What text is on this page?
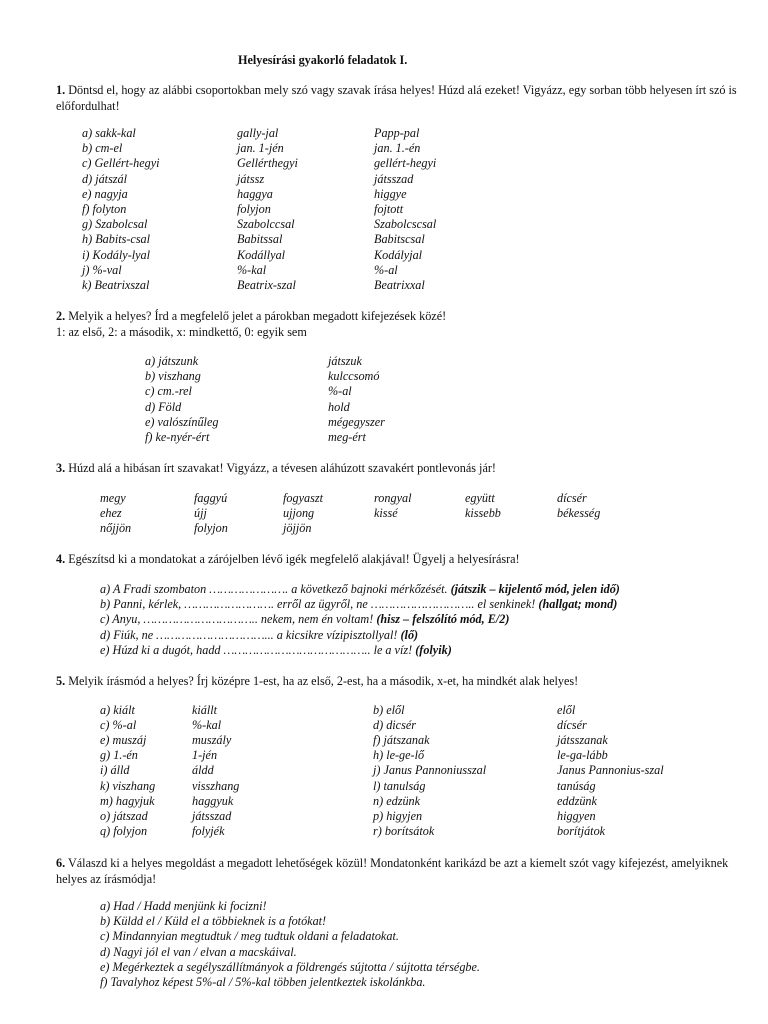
Helyesírási gyakorló feladatok I.
1. Döntsd el, hogy az alábbi csoportokban mely szó vagy szavak írása helyes! Húzd alá ezeket! Vigyázz, egy sorban több helyesen írt szó is előfordulhat!
a) sakk-kal	gally-jal	Papp-pal
b) cm-el	jan. 1-jén	jan. 1.-én
c) Gellért-hegyi	Gellérthegyi	gellért-hegyi
d) játszál	játssz	játsszad
e) nagyja	haggya	higgye
f) folyton	folyjon	fojtott
g) Szabolcsal	Szabolccsal	Szabolcscsal
h) Babits-csal	Babitssal	Babitscsal
i) Kodály-lyal	Kodállyal	Kodályjal
j) %-val	%-kal	%-al
k) Beatrixszal	Beatrix-szal	Beatrixxal
2. Melyik a helyes? Írd a megfelelő jelet a párokban megadott kifejezések közé!
1: az első, 2: a második, x: mindkettő, 0: egyik sem
a) játszunk	játszuk
b) viszhang	kulccsomó
c) cm.-rel	%-al
d) Föld	hold
e) valószínűleg	mégegyszer
f) ke-nyér-ért	meg-ért
3. Húzd alá a hibásan írt szavakat! Vigyázz, a tévesen aláhúzott szavakért pontlevonás jár!
megy	faggyú	fogyaszt	rongyal	együtt	dícsér
ehez	újj	ujjong	kissé	kissebb	békesség
nőjjön	folyjon	jöjjön
4. Egészítsd ki a mondatokat a zárójelben lévő igék megfelelő alakjával! Ügyelj a helyesírásra!
a) A Fradi szombaton …………………. a következő bajnoki mérkőzését. (játszik – kijelentő mód, jelen idő)
b) Panni, kérlek, ……………………. erről az ügyről, ne ……………………….. el senkinek! (hallgat; mond)
c) Anyu, ………………………….. nekem, nem én voltam! (hisz – felszólító mód, E/2)
d) Fiúk, ne …………………………... a kicsikre vízipisztollyal! (lő)
e) Húzd ki a dugót, hadd ………………………………….. le a víz! (folyik)
5. Melyik írásmód a helyes? Írj középre 1-est, ha az első, 2-est, ha a második, x-et, ha mindkét alak helyes!
a) kiált	kiállt	b) elől	elől
c) %-al	%-kal	d) dicsér	dícsér
e) muszáj	muszály	f) játszanak	játsszanak
g) 1.-én	1-jén	h) le-ge-lő	le-ga-lább
i) álld	áldd	j) Janus Pannoniusszal	Janus Pannonius-szal
k) viszhang	visszhang	l) tanulság	tanúság
m) hagyjuk	haggyuk	n) edzünk	eddzünk
o) játszad	játsszad	p) higyjen	higgyen
q) folyjon	folyjék	r) borítsátok	borítjátok
6. Válaszd ki a helyes megoldást a megadott lehetőségek közül! Mondatonként karikázd be azt a kiemelt szót vagy kifejezést, amelyiknek helyes az írásmódja!
a) Had / Hadd menjünk ki focizni!
b) Küldd el / Küld el a többieknek is a fotókat!
c) Mindannyian megtudtuk / meg tudtuk oldani a feladatokat.
d) Nagyi jól el van / elvan a macskáival.
e) Megérkeztek a segélyszállítmányok a földrengés sújtotta / sújtotta térségbe.
f) Tavalyhoz képest 5%-al / 5%-kal többen jelentkeztek iskolánkba.
